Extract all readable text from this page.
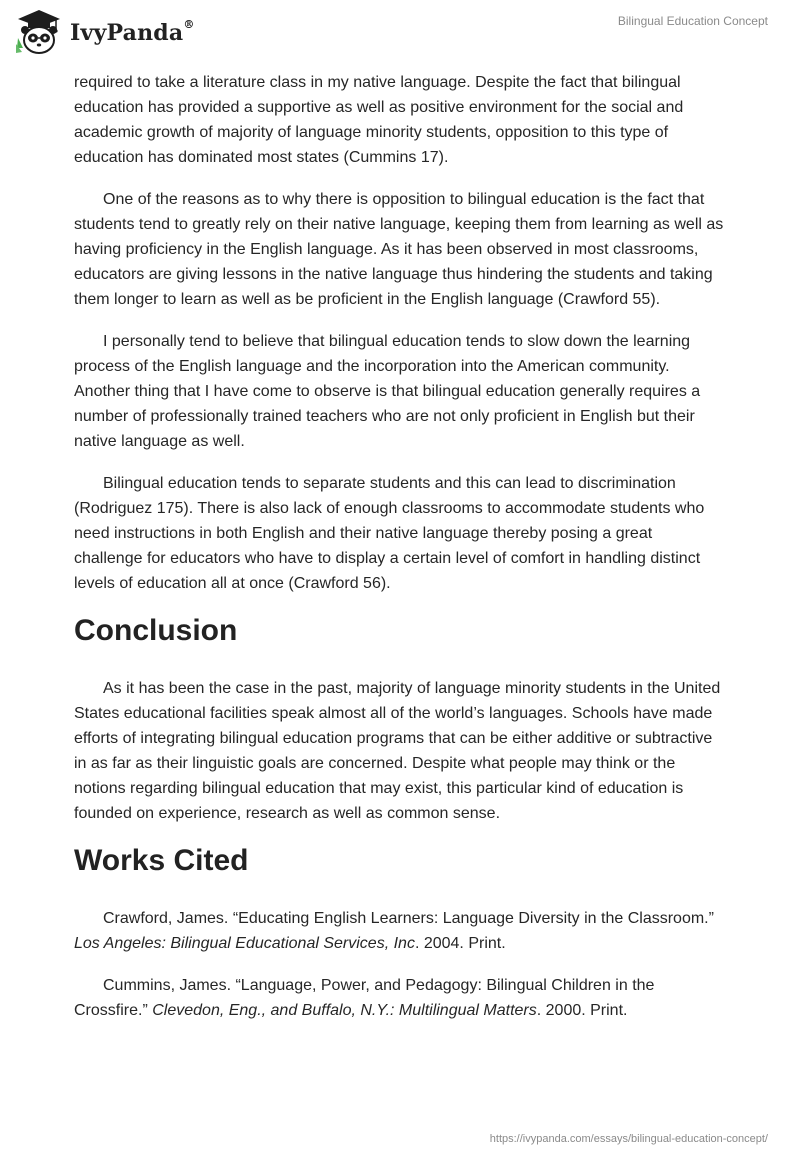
IvyPanda®	Bilingual Education Concept

required to take a literature class in my native language. Despite the fact that bilingual education has provided a supportive as well as positive environment for the social and academic growth of majority of language minority students, opposition to this type of education has dominated most states (Cummins 17).

One of the reasons as to why there is opposition to bilingual education is the fact that students tend to greatly rely on their native language, keeping them from learning as well as having proficiency in the English language. As it has been observed in most classrooms, educators are giving lessons in the native language thus hindering the students and taking them longer to learn as well as be proficient in the English language (Crawford 55).

I personally tend to believe that bilingual education tends to slow down the learning process of the English language and the incorporation into the American community. Another thing that I have come to observe is that bilingual education generally requires a number of professionally trained teachers who are not only proficient in English but their native language as well.

Bilingual education tends to separate students and this can lead to discrimination (Rodriguez 175). There is also lack of enough classrooms to accommodate students who need instructions in both English and their native language thereby posing a great challenge for educators who have to display a certain level of comfort in handling distinct levels of education all at once (Crawford 56).

Conclusion

As it has been the case in the past, majority of language minority students in the United States educational facilities speak almost all of the world’s languages. Schools have made efforts of integrating bilingual education programs that can be either additive or subtractive in as far as their linguistic goals are concerned. Despite what people may think or the notions regarding bilingual education that may exist, this particular kind of education is founded on experience, research as well as common sense.

Works Cited

Crawford, James. “Educating English Learners: Language Diversity in the Classroom.” Los Angeles: Bilingual Educational Services, Inc. 2004. Print.

Cummins, James. “Language, Power, and Pedagogy: Bilingual Children in the Crossfire.” Clevedon, Eng., and Buffalo, N.Y.: Multilingual Matters. 2000. Print.

https://ivypanda.com/essays/bilingual-education-concept/
